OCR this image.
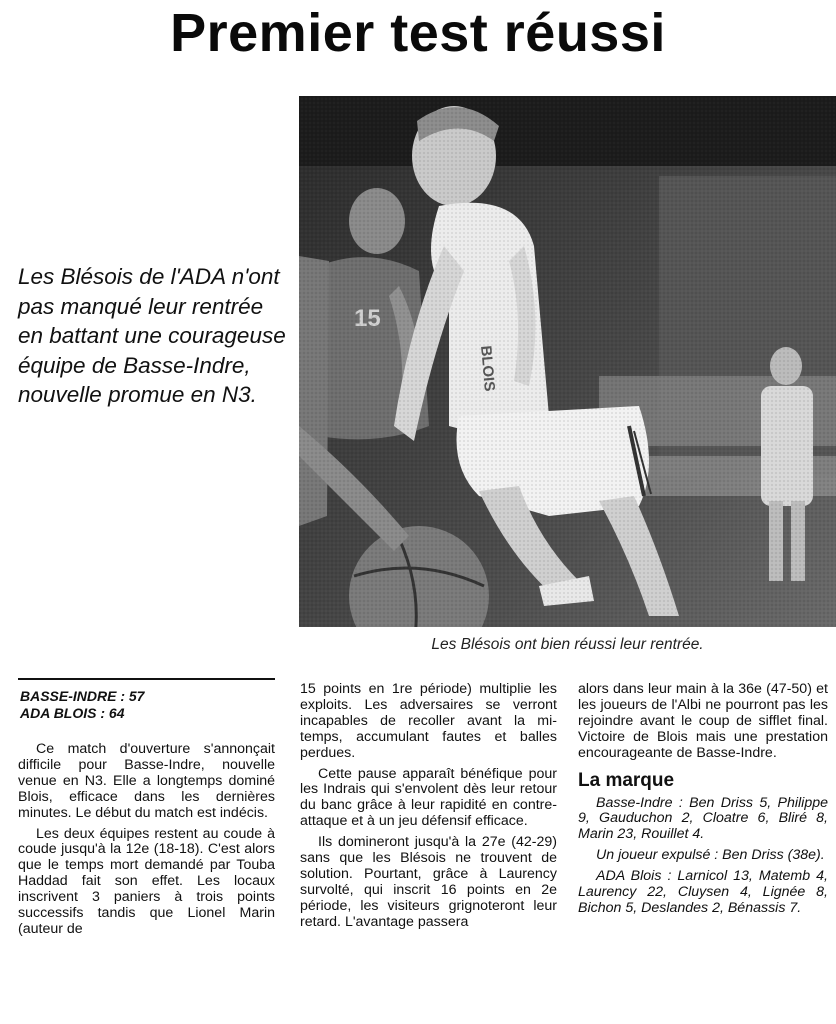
Premier test réussi
Les Blésois de l'ADA n'ont pas manqué leur rentrée en battant une courageuse équipe de Basse-Indre, nouvelle promue en N3.
Les Blésois ont bien réussi leur rentrée.
BASSE-INDRE : 57
ADA BLOIS : 64

Ce match d'ouverture s'annonçait difficile pour Basse-Indre, nouvelle venue en N3. Elle a longtemps dominé Blois, efficace dans les dernières minutes. Le début du match est indécis.

Les deux équipes restent au coude à coude jusqu'à la 12e (18-18). C'est alors que le temps mort demandé par Touba Haddad fait son effet. Les locaux inscrivent 3 paniers à trois points successifs tandis que Lionel Marin (auteur de

15 points en 1re période) multiplie les exploits. Les adversaires se verront incapables de recoller avant la mi-temps, accumulant fautes et balles perdues.

Cette pause apparaît bénéfique pour les Indrais qui s'envolent dès leur retour du banc grâce à leur rapidité en contre-attaque et à un jeu défensif efficace.

Ils domineront jusqu'à la 27e (42-29) sans que les Blésois ne trouvent de solution. Pourtant, grâce à Laurency survolté, qui inscrit 16 points en 2e période, les visiteurs grignoteront leur retard. L'avantage passera

alors dans leur main à la 36e (47-50) et les joueurs de l'Albi ne pourront pas les rejoindre avant le coup de sifflet final. Victoire de Blois mais une prestation encourageante de Basse-Indre.

La marque

Basse-Indre : Ben Driss 5, Philippe 9, Gauduchon 2, Cloatre 6, Bliré 8, Marin 23, Rouillet 4.

Un joueur expulsé : Ben Driss (38e).

ADA Blois : Larnicol 13, Matemb 4, Laurency 22, Cluysen 4, Lignée 8, Bichon 5, Deslandes 2, Bénassis 7.
